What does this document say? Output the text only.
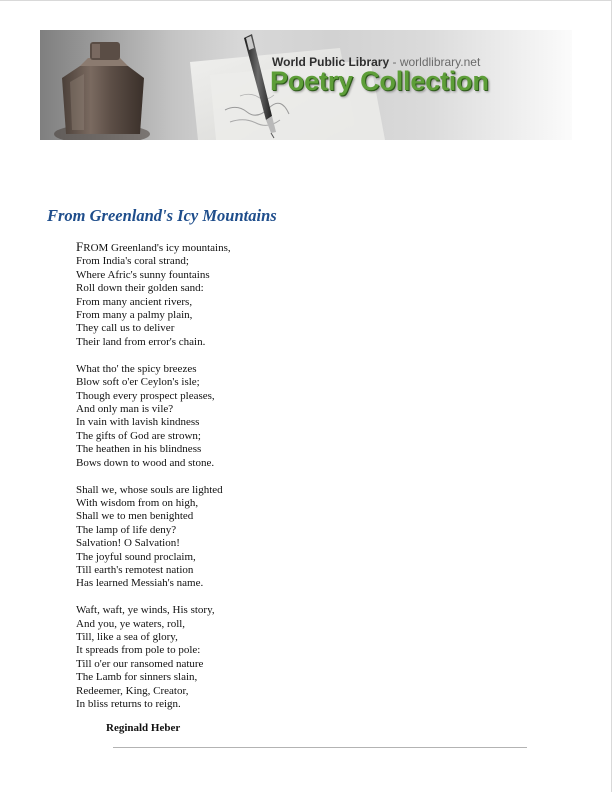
World Public Library - worldlibrary.net
Poetry Collection
From Greenland's Icy Mountains
FROM Greenland's icy mountains,
From India's coral strand;
Where Afric's sunny fountains
Roll down their golden sand:
From many ancient rivers,
From many a palmy plain,
They call us to deliver
Their land from error's chain.
What tho' the spicy breezes
Blow soft o'er Ceylon's isle;
Though every prospect pleases,
And only man is vile?
In vain with lavish kindness
The gifts of God are strown;
The heathen in his blindness
Bows down to wood and stone.
Shall we, whose souls are lighted
With wisdom from on high,
Shall we to men benighted
The lamp of life deny?
Salvation! O Salvation!
The joyful sound proclaim,
Till earth's remotest nation
Has learned Messiah's name.
Waft, waft, ye winds, His story,
And you, ye waters, roll,
Till, like a sea of glory,
It spreads from pole to pole:
Till o'er our ransomed nature
The Lamb for sinners slain,
Redeemer, King, Creator,
In bliss returns to reign.
Reginald Heber
